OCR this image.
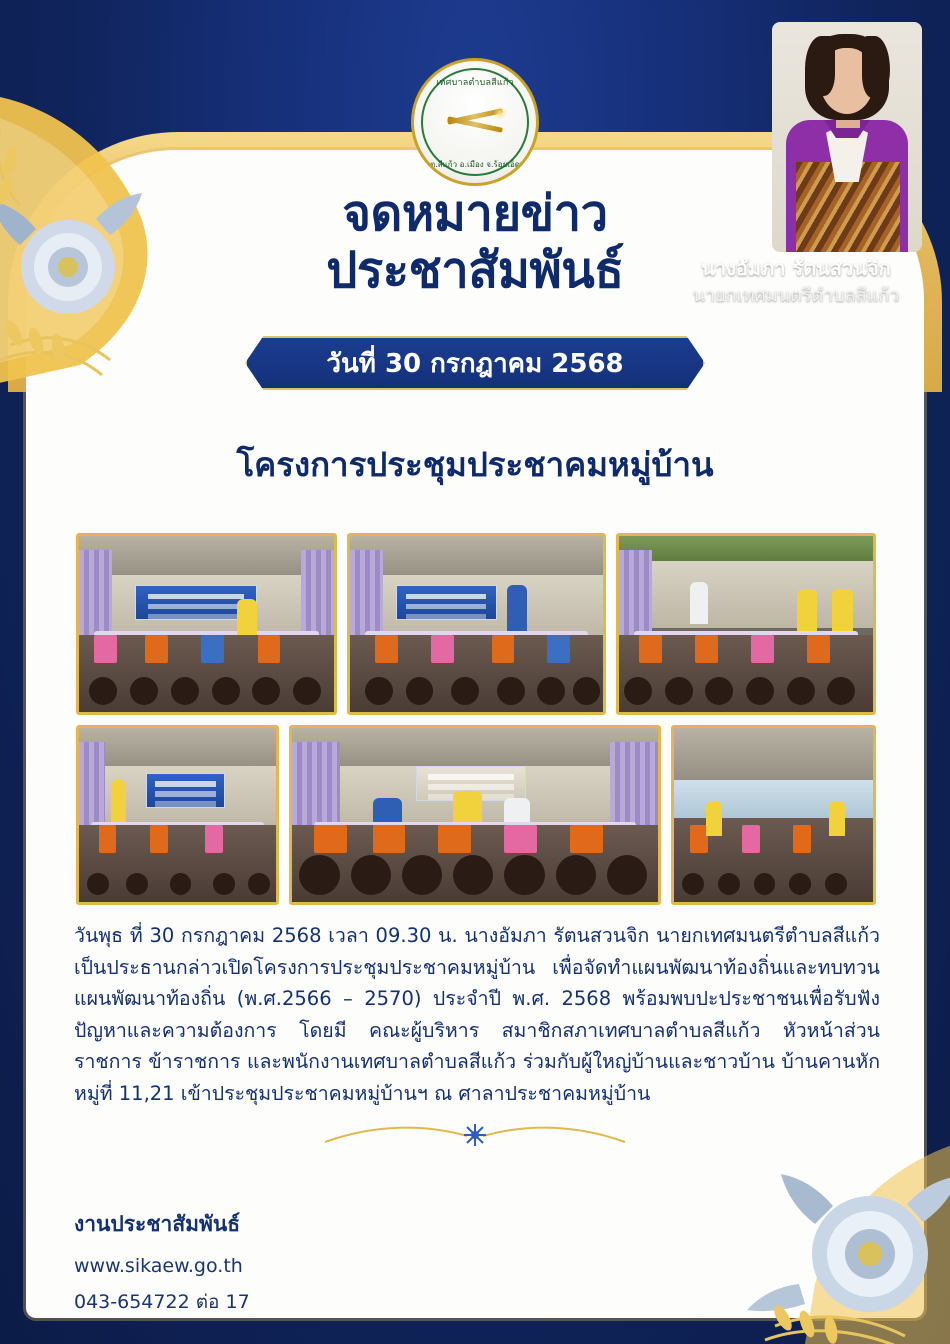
เทศบาลตำบลสีแก้ว
ต.สีแก้ว อ.เมือง จ.ร้อยเอ็ด
นางอัมภา รัตนสวนจิก
นายกเทศมนตรีตำบลสีแก้ว
จดหมายข่าว
ประชาสัมพันธ์
วันที่ 30 กรกฎาคม 2568
โครงการประชุมประชาคมหมู่บ้าน
วันพุธ ที่ 30 กรกฎาคม 2568 เวลา 09.30 น. นางอัมภา รัตนสวนจิก นายกเทศมนตรีตำบลสีแก้ว เป็นประธานกล่าวเปิดโครงการประชุมประชาคมหมู่บ้าน เพื่อจัดทำแผนพัฒนาท้องถิ่นและทบทวนแผนพัฒนาท้องถิ่น (พ.ศ.2566 – 2570) ประจำปี พ.ศ. 2568 พร้อมพบปะประชาชนเพื่อรับฟังปัญหาและความต้องการ โดยมี คณะผู้บริหาร สมาชิกสภาเทศบาลตำบลสีแก้ว หัวหน้าส่วนราชการ ข้าราชการ และพนักงานเทศบาลตำบลสีแก้ว ร่วมกับผู้ใหญ่บ้านและชาวบ้าน บ้านคานหัก หมู่ที่ 11,21 เข้าประชุมประชาคมหมู่บ้านฯ ณ ศาลาประชาคมหมู่บ้าน
งานประชาสัมพันธ์
www.sikaew.go.th
043-654722 ต่อ 17
